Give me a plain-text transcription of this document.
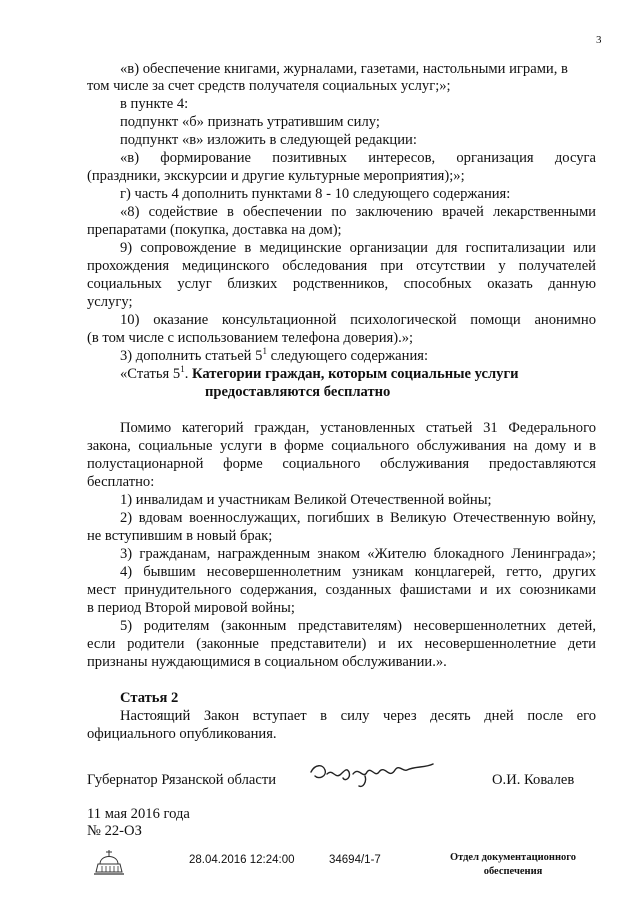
3
«в) обеспечение книгами, журналами, газетами, настольными играми, в
том числе за счет средств получателя социальных услуг;»;
в пункте 4:
подпункт «б» признать утратившим силу;
подпункт «в» изложить в следующей редакции:
«в) формирование позитивных интересов, организация досуга
(праздники, экскурсии и другие культурные мероприятия);»;
г) часть 4 дополнить пунктами 8 - 10 следующего содержания:
«8) содействие в обеспечении по заключению врачей лекарственными
препаратами (покупка, доставка на дом);
9) сопровождение в медицинские организации для госпитализации или
прохождения медицинского обследования при отсутствии у получателей
социальных услуг близких родственников, способных оказать данную
услугу;
10) оказание консультационной психологической помощи анонимно
(в том числе с использованием телефона доверия).»;
3) дополнить статьей $5^1$ следующего содержания:
«Статья $5^1$. Категории граждан, которым социальные услуги
предоставляются бесплатно
Помимо категорий граждан, установленных статьей 31 Федерального
закона, социальные услуги в форме социального обслуживания на дому и в
полустационарной форме социального обслуживания предоставляются
бесплатно:
1) инвалидам и участникам Великой Отечественной войны;
2) вдовам военнослужащих, погибших в Великую Отечественную войну,
не вступившим в новый брак;
3) гражданам, награжденным знаком «Жителю блокадного Ленинграда»;
4) бывшим несовершеннолетним узникам концлагерей, гетто, других
мест принудительного содержания, созданных фашистами и их союзниками
в период Второй мировой войны;
5) родителям (законным представителям) несовершеннолетних детей,
если родители (законные представители) и их несовершеннолетние дети
признаны нуждающимися в социальном обслуживании.».
Статья 2
Настоящий Закон вступает в силу через десять дней после его
официального опубликования.
Губернатор Рязанской области	О.И. Ковалев
11 мая 2016 года
№ 22-ОЗ
28.04.2016 12:24:00	34694/1-7	Отдел документационного
обеспечения
